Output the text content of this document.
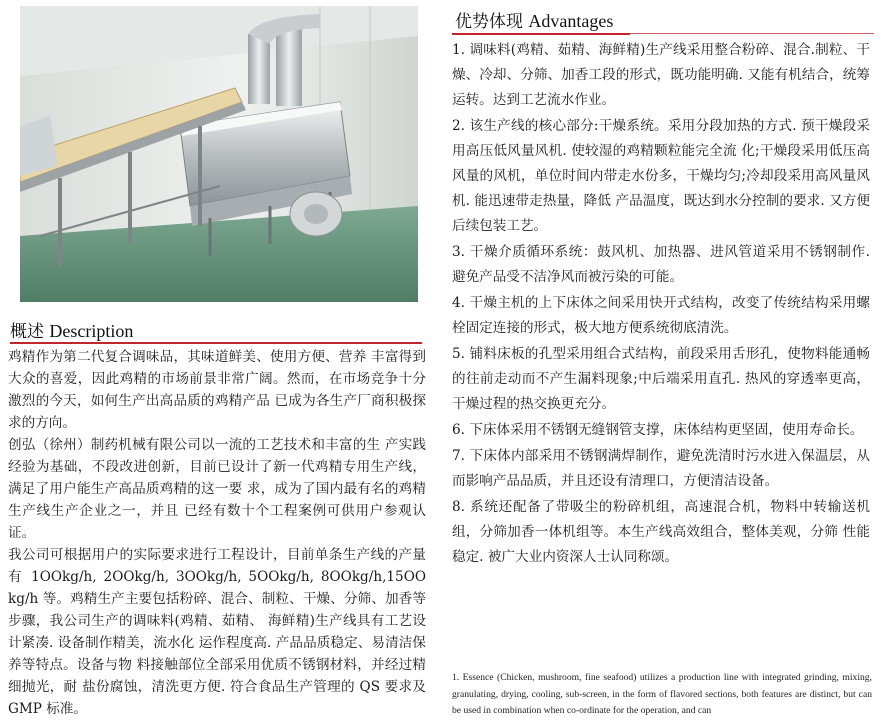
概述 Description

鸡精作为第二代复合调味品，其味道鲜美、使用方便、营养 丰富得到大众的喜爱，因此鸡精的市场前景非常广阔。然而，在市场竞争十分激烈的今天，如何生产出高品质的鸡精产品 已成为各生产厂商积极探求的方向。

创弘（徐州）制药机械有限公司以一流的工艺技术和丰富的生 产实践经验为基础，不段改进创新，目前已设计了新一代鸡精专用生产线，满足了用户能生产高品质鸡精的这一要 求，成为了国内最有名的鸡精生产线生产企业之一，并且 已经有数十个工程案例可供用户参观认证。

我公司可根据用户的实际要求进行工程设计，目前单条生产线的产量有 1OOkg/h, 2OOkg/h, 3OOkg/h, 5OOkg/h, 8OOkg/h,15OO kg/h 等。鸡精生产主要包括粉碎、混合、制粒、干燥、分筛、加香等步骤，我公司生产的调味料(鸡精、茹精、 海鲜精)生产线具有工艺设计紧凑. 设备制作精美，流水化 运作程度高. 产品品质稳定、易清洁保养等特点。设备与物 料接触部位全部采用优质不锈钢材料，并经过精细抛光，耐 盐份腐蚀，清洗更方便. 符合食品生产管理的 QS 要求及 GMP 标准。

优势体现 Advantages

1. 调味料(鸡精、茹精、海鲜精)生产线采用整合粉碎、混合.制粒、干燥、冷却、分筛、加香工段的形式，既功能明确. 又能有机结合，统筹运转。达到工艺流水作业。

2. 该生产线的核心部分:干燥系统。采用分段加热的方式. 预干燥段采用高压低风量风机. 使较湿的鸡精颗粒能完全流 化;干燥段采用低压高风量的风机，单位时间内带走水份多，干燥均匀;冷却段采用高风量风机. 能迅速带走热量，降低 产品温度，既达到水分控制的要求. 又方便后续包装工艺。

3. 干燥介质循环系统：鼓风机、加热器、进风管道采用不锈钢制作. 避免产品受不洁净风而被污染的可能。

4. 干燥主机的上下床体之间采用快开式结构，改变了传统结构采用螺栓固定连接的形式，极大地方便系统彻底清洗。

5. 铺料床板的孔型采用组合式结构，前段采用舌形孔，使物料能通畅的往前走动而不产生漏料现象;中后端采用直孔. 热风的穿透率更高，干燥过程的热交换更充分。

6. 下床体采用不锈钢无缝钢管支撑，床体结构更坚固，使用寿命长。

7. 下床体内部采用不锈钢满焊制作，避免洗清时污水进入保温层，从而影响产品品质，并且还设有清理口，方便清洁设备。

8. 系统还配备了带吸尘的粉碎机组，高速混合机，物料中转输送机组，分筛加香一体机组等。本生产线高效组合，整体美观，分筛 性能稳定. 被广大业内资深人士认同称颂。

1. Essence (Chicken, mushroom, fine seafood) utilizes a production line with integrated grinding, mixing, granulating, drying, cooling, sub-screen, in the form of flavored sections, both features are distinct, but can be used in combination when co-ordinate for the operation, and can
